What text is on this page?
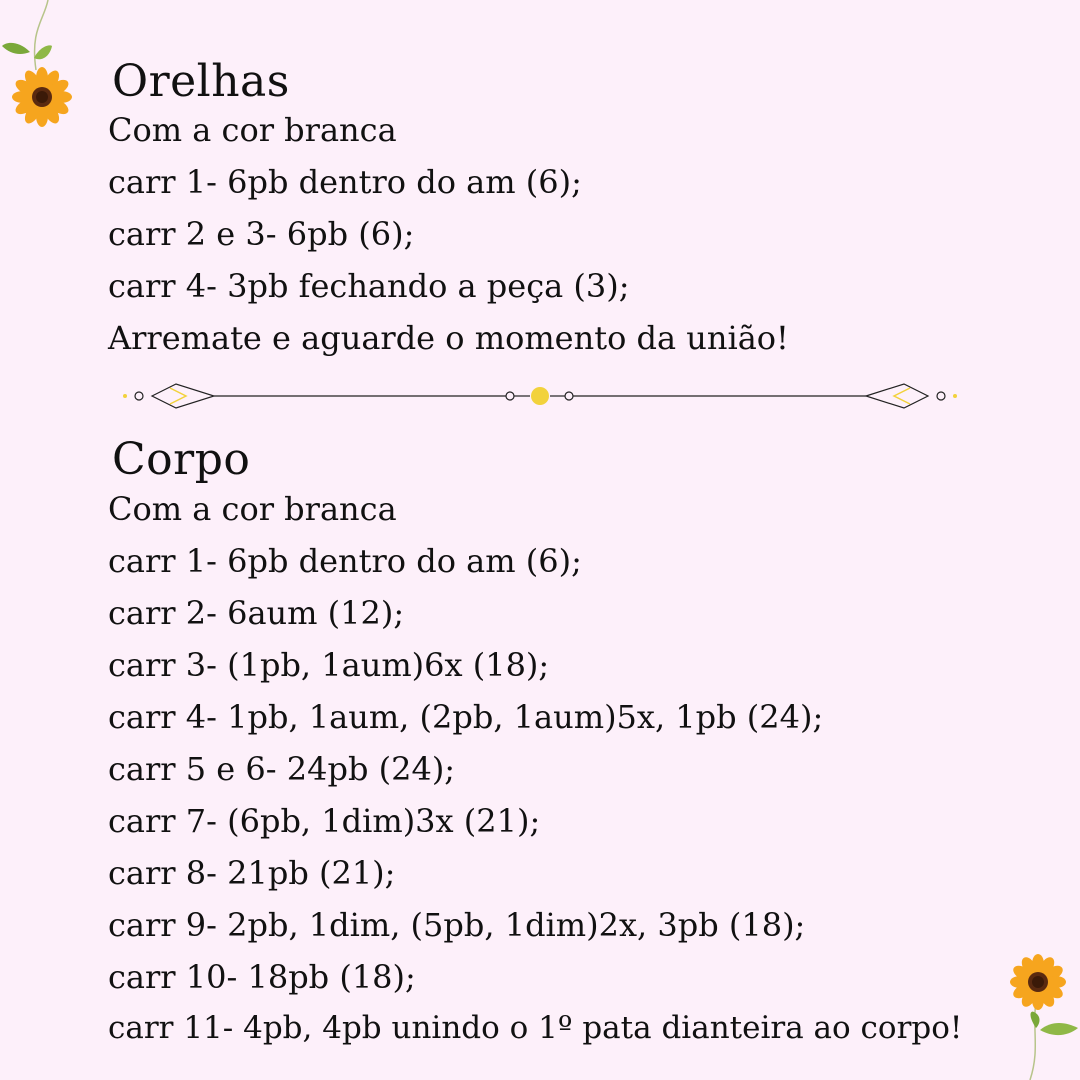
Orelhas

Com a cor branca

carr 1- 6pb dentro do am (6);

carr 2 e 3- 6pb (6);

carr 4- 3pb fechando a peça (3);

Arremate e aguarde o momento da união!

Corpo

Com a cor branca

carr 1- 6pb dentro do am (6);

carr 2- 6aum (12);

carr 3- (1pb, 1aum)6x (18);

carr 4- 1pb, 1aum, (2pb, 1aum)5x, 1pb (24);

carr 5 e 6- 24pb (24);

carr 7- (6pb, 1dim)3x (21);

carr 8- 21pb (21);

carr 9- 2pb, 1dim, (5pb, 1dim)2x, 3pb (18);

carr 10- 18pb (18);

carr 11- 4pb, 4pb unindo o 1º pata dianteira ao corpo!
